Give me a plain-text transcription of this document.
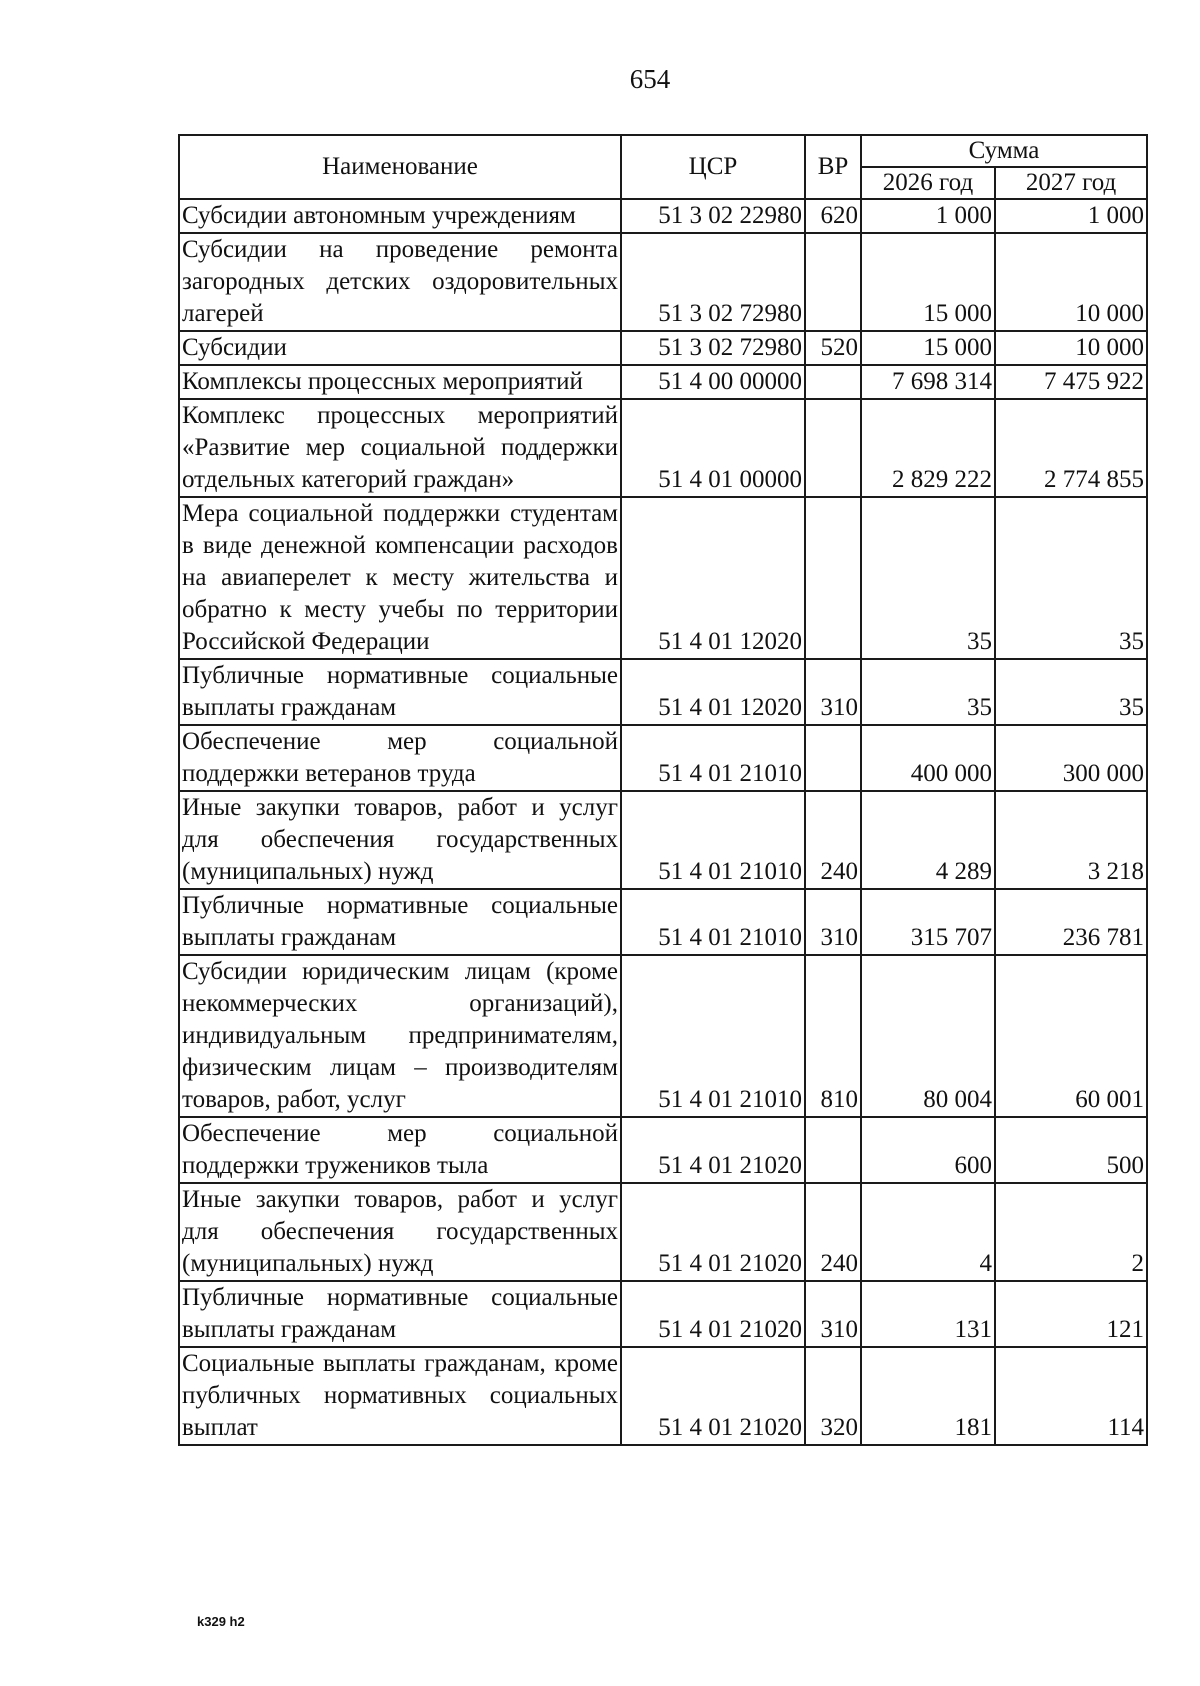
654
Наименование	ЦСР	ВР	Сумма	
			2026 год	2027 год
Субсидии автономным учреждениям	51 3 02 22980	620	1 000	1 000
Субсидии на проведение ремонта загородных детских оздоровительных лагерей	51 3 02 72980		15 000	10 000
Субсидии	51 3 02 72980	520	15 000	10 000
Комплексы процессных мероприятий	51 4 00 00000		7 698 314	7 475 922
Комплекс процессных мероприятий «Развитие мер социальной поддержки отдельных категорий граждан»	51 4 01 00000		2 829 222	2 774 855
Мера социальной поддержки студентам в виде денежной компенсации расходов на авиаперелет к месту жительства и обратно к месту учебы по территории Российской Федерации	51 4 01 12020		35	35
Публичные нормативные социальные выплаты гражданам	51 4 01 12020	310	35	35
Обеспечение мер социальной поддержки ветеранов труда	51 4 01 21010		400 000	300 000
Иные закупки товаров, работ и услуг для обеспечения государственных (муниципальных) нужд	51 4 01 21010	240	4 289	3 218
Публичные нормативные социальные выплаты гражданам	51 4 01 21010	310	315 707	236 781
Субсидии юридическим лицам (кроме некоммерческих организаций), индивидуальным предпринимателям, физическим лицам – производителям товаров, работ, услуг	51 4 01 21010	810	80 004	60 001
Обеспечение мер социальной поддержки тружеников тыла	51 4 01 21020		600	500
Иные закупки товаров, работ и услуг для обеспечения государственных (муниципальных) нужд	51 4 01 21020	240	4	2
Публичные нормативные социальные выплаты гражданам	51 4 01 21020	310	131	121
Социальные выплаты гражданам, кроме публичных нормативных социальных выплат	51 4 01 21020	320	181	114
k329 h2
